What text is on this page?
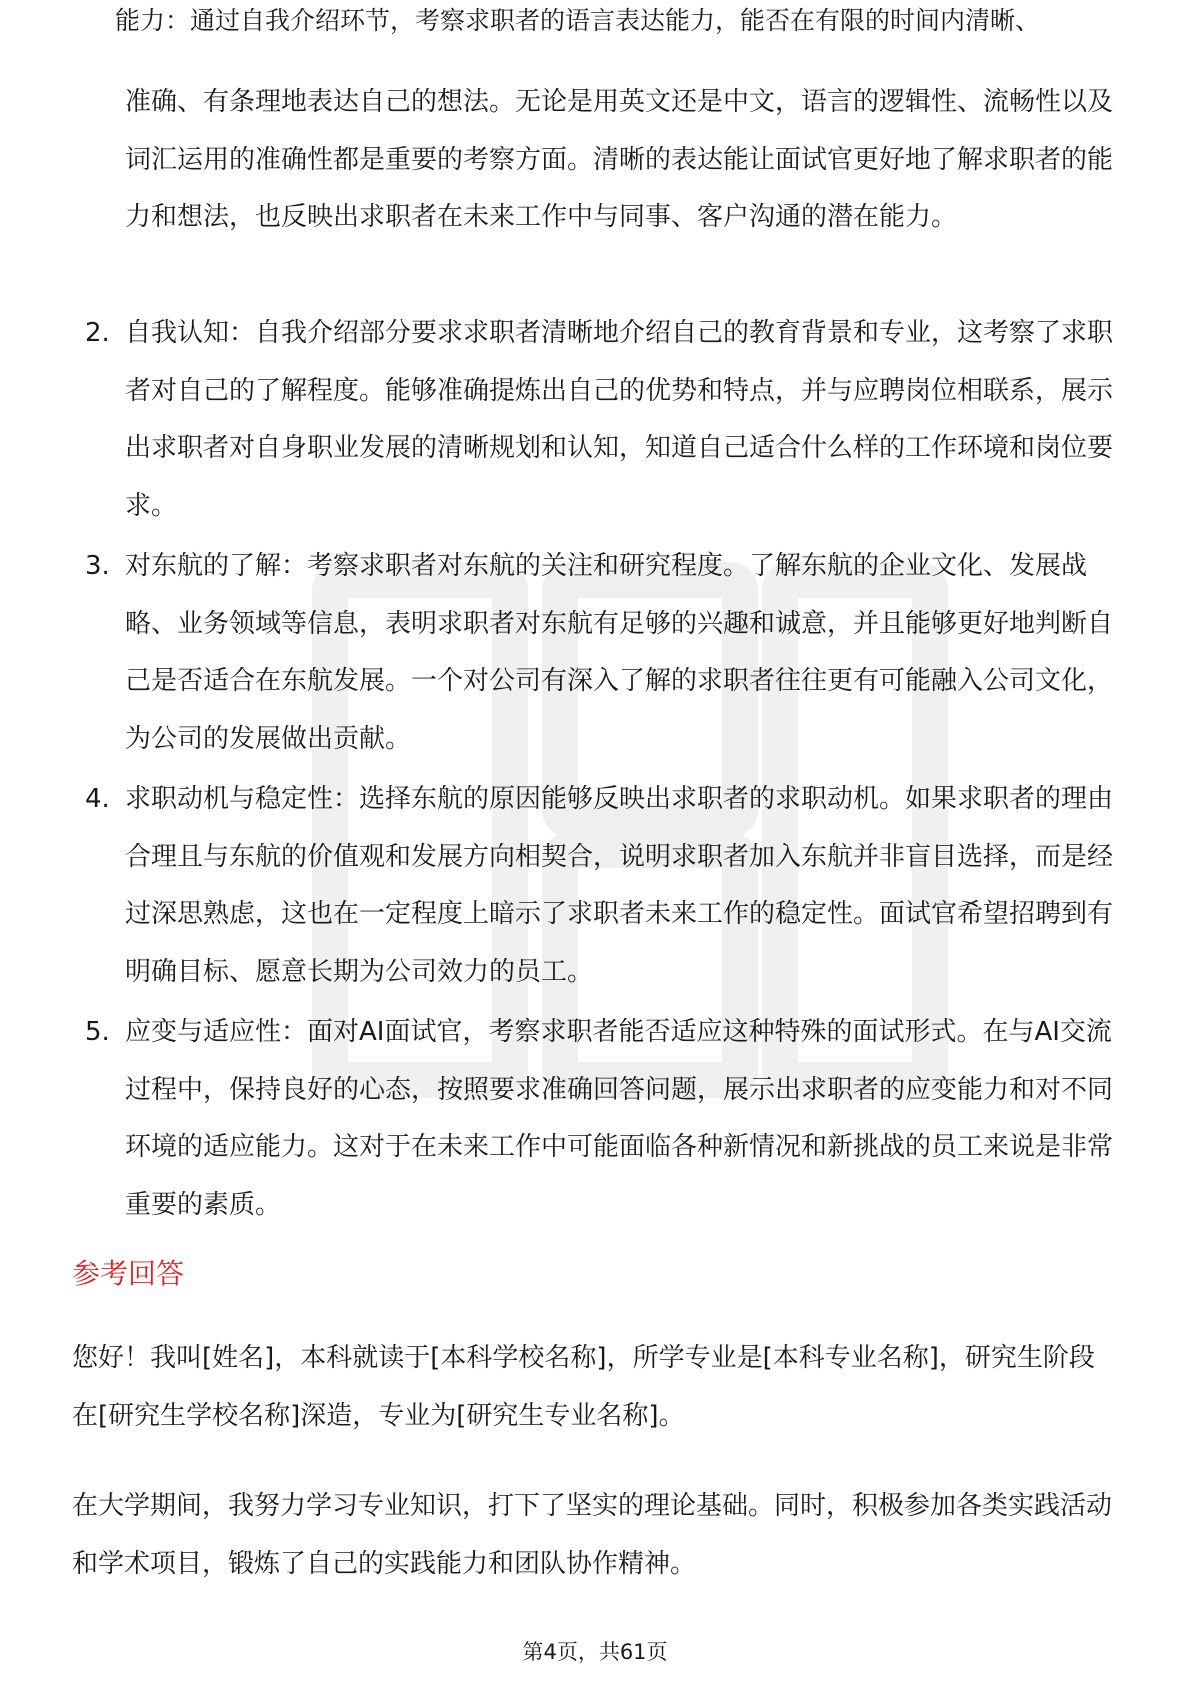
能力：通过自我介绍环节，考察求职者的语言表达能力，能否在有限的时间内清晰、

准确、有条理地表达自己的想法。无论是用英文还是中文，语言的逻辑性、流畅性以及词汇运用的准确性都是重要的考察方面。清晰的表达能让面试官更好地了解求职者的能力和想法，也反映出求职者在未来工作中与同事、客户沟通的潜在能力。

2. 自我认知：自我介绍部分要求求职者清晰地介绍自己的教育背景和专业，这考察了求职者对自己的了解程度。能够准确提炼出自己的优势和特点，并与应聘岗位相联系，展示出求职者对自身职业发展的清晰规划和认知，知道自己适合什么样的工作环境和岗位要求。
3. 对东航的了解：考察求职者对东航的关注和研究程度。了解东航的企业文化、发展战略、业务领域等信息，表明求职者对东航有足够的兴趣和诚意，并且能够更好地判断自己是否适合在东航发展。一个对公司有深入了解的求职者往往更有可能融入公司文化，为公司的发展做出贡献。
4. 求职动机与稳定性：选择东航的原因能够反映出求职者的求职动机。如果求职者的理由合理且与东航的价值观和发展方向相契合，说明求职者加入东航并非盲目选择，而是经过深思熟虑，这也在一定程度上暗示了求职者未来工作的稳定性。面试官希望招聘到有明确目标、愿意长期为公司效力的员工。
5. 应变与适应性：面对AI面试官，考察求职者能否适应这种特殊的面试形式。在与AI交流过程中，保持良好的心态，按照要求准确回答问题，展示出求职者的应变能力和对不同环境的适应能力。这对于在未来工作中可能面临各种新情况和新挑战的员工来说是非常重要的素质。
参考回答

您好！我叫[姓名]，本科就读于[本科学校名称]，所学专业是[本科专业名称]，研究生阶段在[研究生学校名称]深造，专业为[研究生专业名称]。

在大学期间，我努力学习专业知识，打下了坚实的理论基础。同时，积极参加各类实践活动和学术项目，锻炼了自己的实践能力和团队协作精神。

第4页，共61页
